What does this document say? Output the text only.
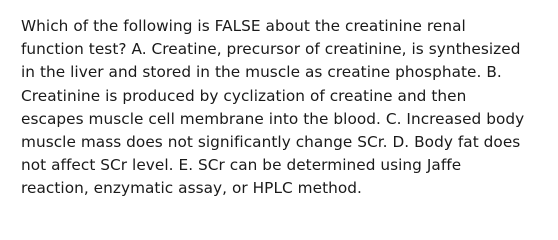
Which of the following is FALSE about the creatinine renal
function test? A. Creatine, precursor of creatinine, is synthesized
in the liver and stored in the muscle as creatine phosphate. B.
Creatinine is produced by cyclization of creatine and then
escapes muscle cell membrane into the blood. C. Increased body
muscle mass does not significantly change SCr. D. Body fat does
not affect SCr level. E. SCr can be determined using Jaffe
reaction, enzymatic assay, or HPLC method.
